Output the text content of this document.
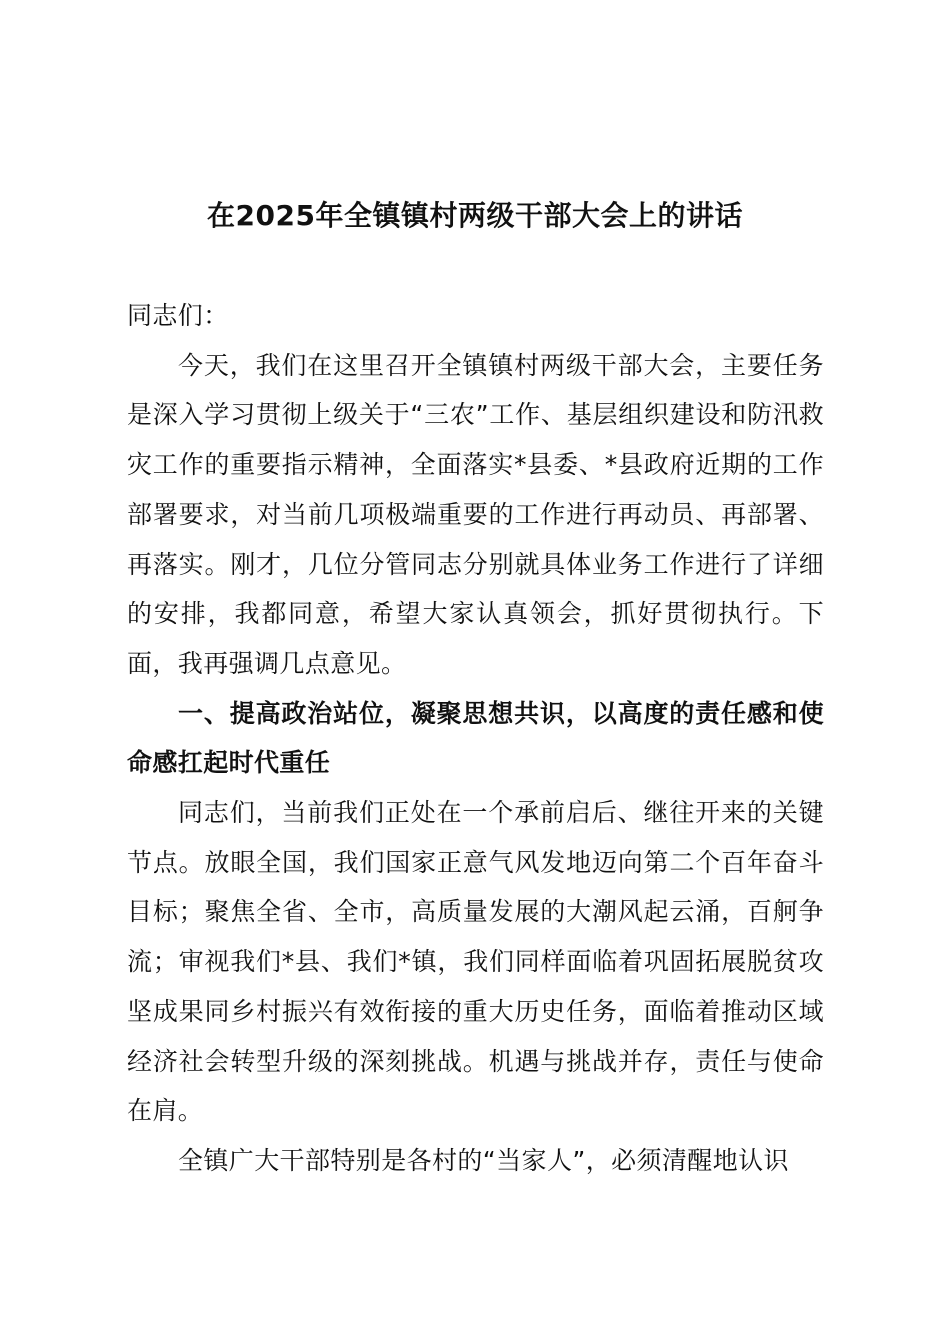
在2025年全镇镇村两级干部大会上的讲话

同志们：

今天，我们在这里召开全镇镇村两级干部大会，主要任务是深入学习贯彻上级关于“三农”工作、基层组织建设和防汛救灾工作的重要指示精神，全面落实*县委、*县政府近期的工作部署要求，对当前几项极端重要的工作进行再动员、再部署、再落实。刚才，几位分管同志分别就具体业务工作进行了详细的安排，我都同意，希望大家认真领会，抓好贯彻执行。下面，我再强调几点意见。

一、提高政治站位，凝聚思想共识，以高度的责任感和使命感扛起时代重任

同志们，当前我们正处在一个承前启后、继往开来的关键节点。放眼全国，我们国家正意气风发地迈向第二个百年奋斗目标；聚焦全省、全市，高质量发展的大潮风起云涌，百舸争流；审视我们*县、我们*镇，我们同样面临着巩固拓展脱贫攻坚成果同乡村振兴有效衔接的重大历史任务，面临着推动区域经济社会转型升级的深刻挑战。机遇与挑战并存，责任与使命在肩。

全镇广大干部特别是各村的“当家人”，必须清醒地认识
